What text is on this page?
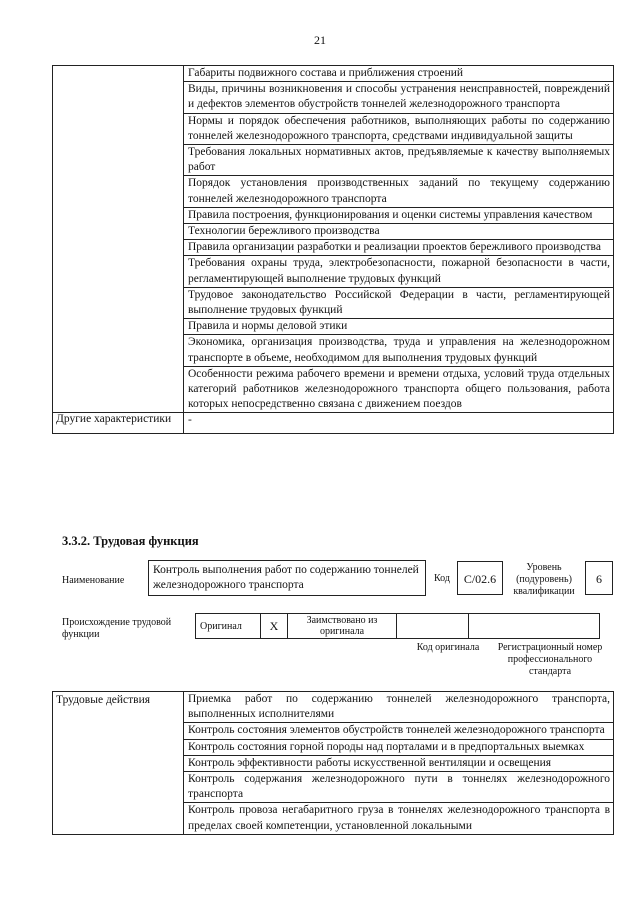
21
	Габариты подвижного состава и приближения строений
	Виды, причины возникновения и способы устранения неисправностей, повреждений и дефектов элементов обустройств тоннелей железнодорожного транспорта
	Нормы и порядок обеспечения работников, выполняющих работы по содержанию тоннелей железнодорожного транспорта, средствами индивидуальной защиты
	Требования локальных нормативных актов, предъявляемые к качеству выполняемых работ
	Порядок установления производственных заданий по текущему содержанию тоннелей железнодорожного транспорта
	Правила построения, функционирования и оценки системы управления качеством
	Технологии бережливого производства
	Правила организации разработки и реализации проектов бережливого производства
	Требования охраны труда, электробезопасности, пожарной безопасности в части, регламентирующей выполнение трудовых функций
	Трудовое законодательство Российской Федерации в части, регламентирующей выполнение трудовых функций
	Правила и нормы деловой этики
	Экономика, организация производства, труда и управления на железнодорожном транспорте в объеме, необходимом для выполнения трудовых функций
	Особенности режима рабочего времени и времени отдыха, условий труда отдельных категорий работников железнодорожного транспорта общего пользования, работа которых непосредственно связана с движением поездов
Другие характеристики	-
3.3.2. Трудовая функция
Наименование
Контроль выполнения работ по содержанию тоннелей железнодорожного транспорта
Код	С/02.6
Уровень (подуровень) квалификации
6
Происхождение трудовой функции
Оригинал	X	Заимствовано из оригинала		
Код оригинала	Регистрационный номер профессионального стандарта
Трудовые действия	Приемка работ по содержанию тоннелей железнодорожного транспорта, выполненных исполнителями
Контроль состояния элементов обустройств тоннелей железнодорожного транспорта
Контроль состояния горной породы над порталами и в предпортальных выемках
Контроль эффективности работы искусственной вентиляции и освещения
Контроль содержания железнодорожного пути в тоннелях железнодорожного транспорта
Контроль провоза негабаритного груза в тоннелях железнодорожного транспорта в пределах своей компетенции, установленной локальными
